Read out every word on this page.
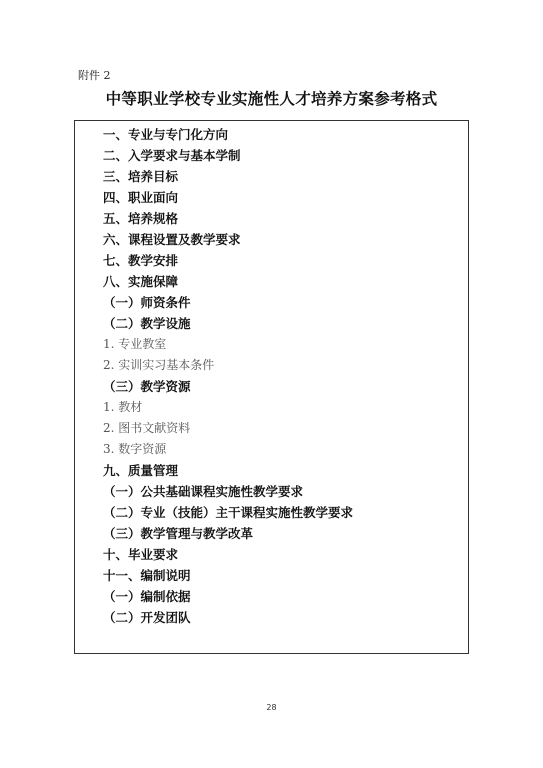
附件 2
中等职业学校专业实施性人才培养方案参考格式
一、专业与专门化方向
二、入学要求与基本学制
三、培养目标
四、职业面向
五、培养规格
六、课程设置及教学要求
七、教学安排
八、实施保障
（一）师资条件
（二）教学设施
1. 专业教室
2. 实训实习基本条件
（三）教学资源
1. 教材
2. 图书文献资料
3. 数字资源
九、质量管理
（一）公共基础课程实施性教学要求
（二）专业（技能）主干课程实施性教学要求
（三）教学管理与教学改革
十、毕业要求
十一、编制说明
（一）编制依据
（二）开发团队
28
